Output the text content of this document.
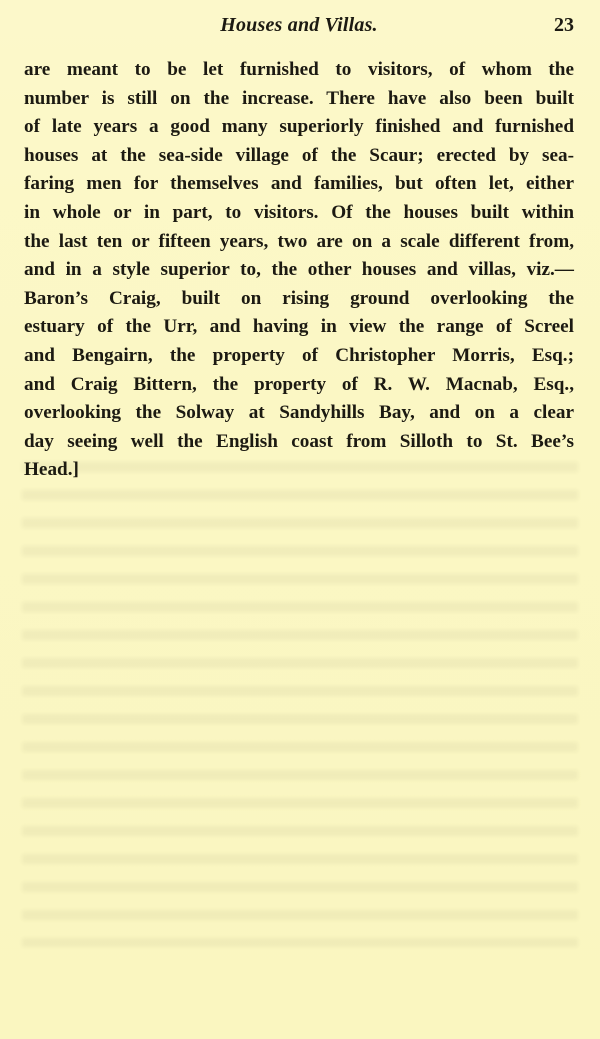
Houses and Villas.	23
are meant to be let furnished to visitors, of whom the
number is still on the increase. There have also been built
of late years a good many superiorly finished and furnished
houses at the sea-side village of the Scaur; erected by sea-
faring men for themselves and families, but often let, either
in whole or in part, to visitors. Of the houses built within
the last ten or fifteen years, two are on a scale different from,
and in a style superior to, the other houses and villas, viz.—
Baron’s Craig, built on rising ground overlooking the
estuary of the Urr, and having in view the range of Screel
and Bengairn, the property of Christopher Morris, Esq.;
and Craig Bittern, the property of R. W. Macnab, Esq.,
overlooking the Solway at Sandyhills Bay, and on a clear
day seeing well the English coast from Silloth to St. Bee’s
Head.]
